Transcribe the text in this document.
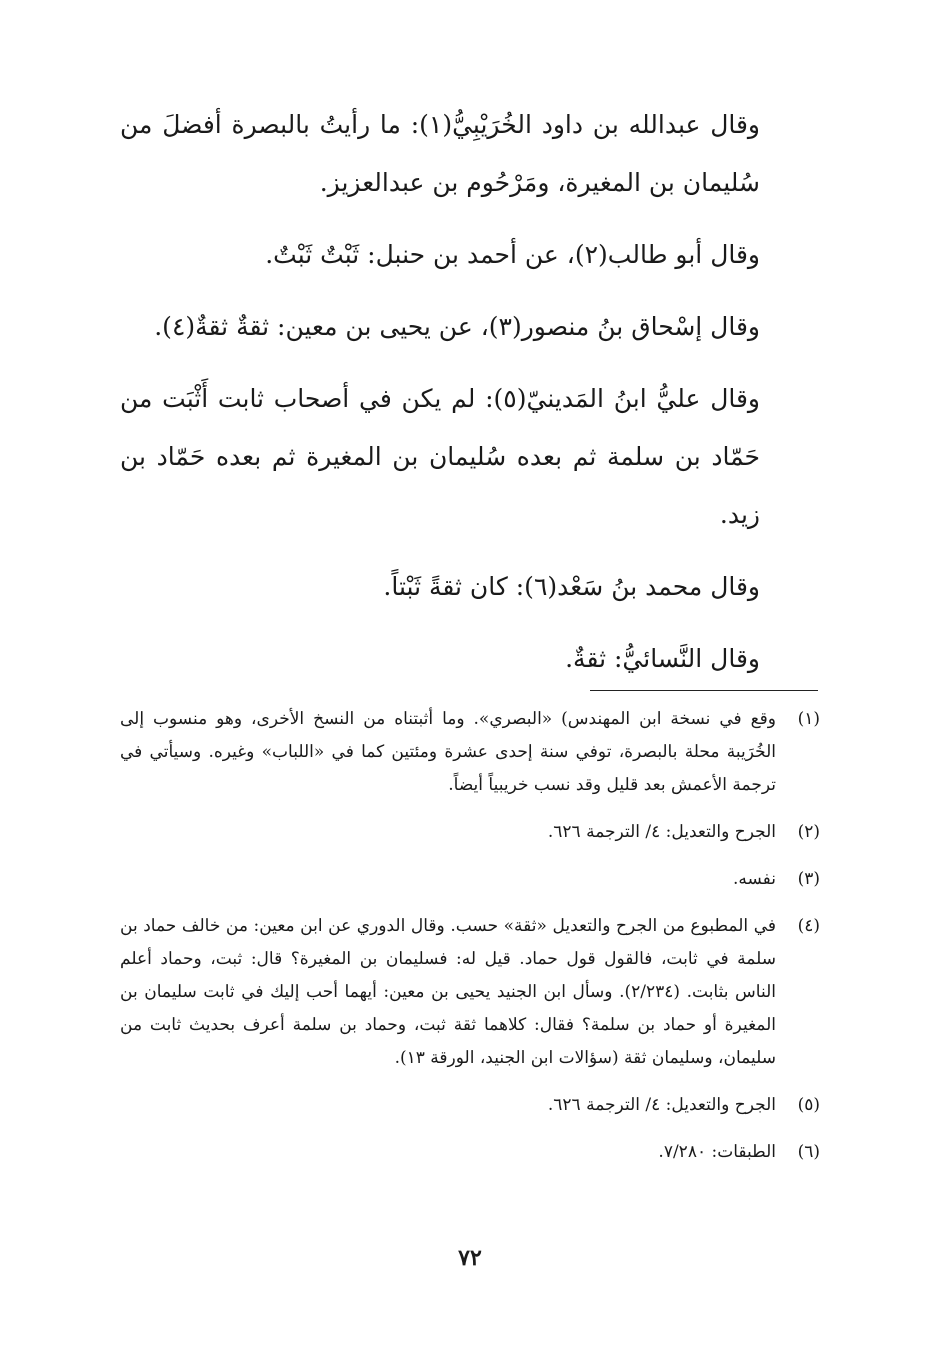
وقال عبدالله بن داود الخُرَيْبِيُّ(١): ما رأيتُ بالبصرة أفضلَ من سُليمان بن المغيرة، ومَرْحُوم بن عبدالعزيز.

وقال أبو طالب(٢)، عن أحمد بن حنبل: ثَبْتٌ ثَبْتٌ.

وقال إسْحاق بنُ منصور(٣)، عن يحيى بن معين: ثقةٌ ثقةٌ(٤).

وقال عليُّ ابنُ المَدينيّ(٥): لم يكن في أصحاب ثابت أَثْبَت من حَمّاد بن سلمة ثم بعده سُليمان بن المغيرة ثم بعده حَمّاد بن زيد.

وقال محمد بنُ سَعْد(٦): كان ثقةً ثَبْتاً.

وقال النَّسائيُّ: ثقةٌ.

(١)
وقع في نسخة ابن المهندس) «البصري». وما أثبتناه من النسخ الأخرى، وهو منسوب إلى الخُرَيبة محلة بالبصرة، توفي سنة إحدى عشرة ومئتين كما في «اللباب» وغيره. وسيأتي في ترجمة الأعمش بعد قليل وقد نسب خريبياً أيضاً.
(٢)
الجرح والتعديل: ٤/ الترجمة ٦٢٦.
(٣)
نفسه.
(٤)
في المطبوع من الجرح والتعديل «ثقة» حسب. وقال الدوري عن ابن معين: من خالف حماد بن سلمة في ثابت، فالقول قول حماد. قيل له: فسليمان بن المغيرة؟ قال: ثبت، وحماد أعلم الناس بثابت. (٢/٢٣٤). وسأل ابن الجنيد يحيى بن معين: أيهما أحب إليك في ثابت سليمان بن المغيرة أو حماد بن سلمة؟ فقال: كلاهما ثقة ثبت، وحماد بن سلمة أعرف بحديث ثابت من سليمان، وسليمان ثقة (سؤالات ابن الجنيد، الورقة ١٣).
(٥)
الجرح والتعديل: ٤/ الترجمة ٦٢٦.
(٦)
الطبقات: ٧/٢٨٠.
٧٢
